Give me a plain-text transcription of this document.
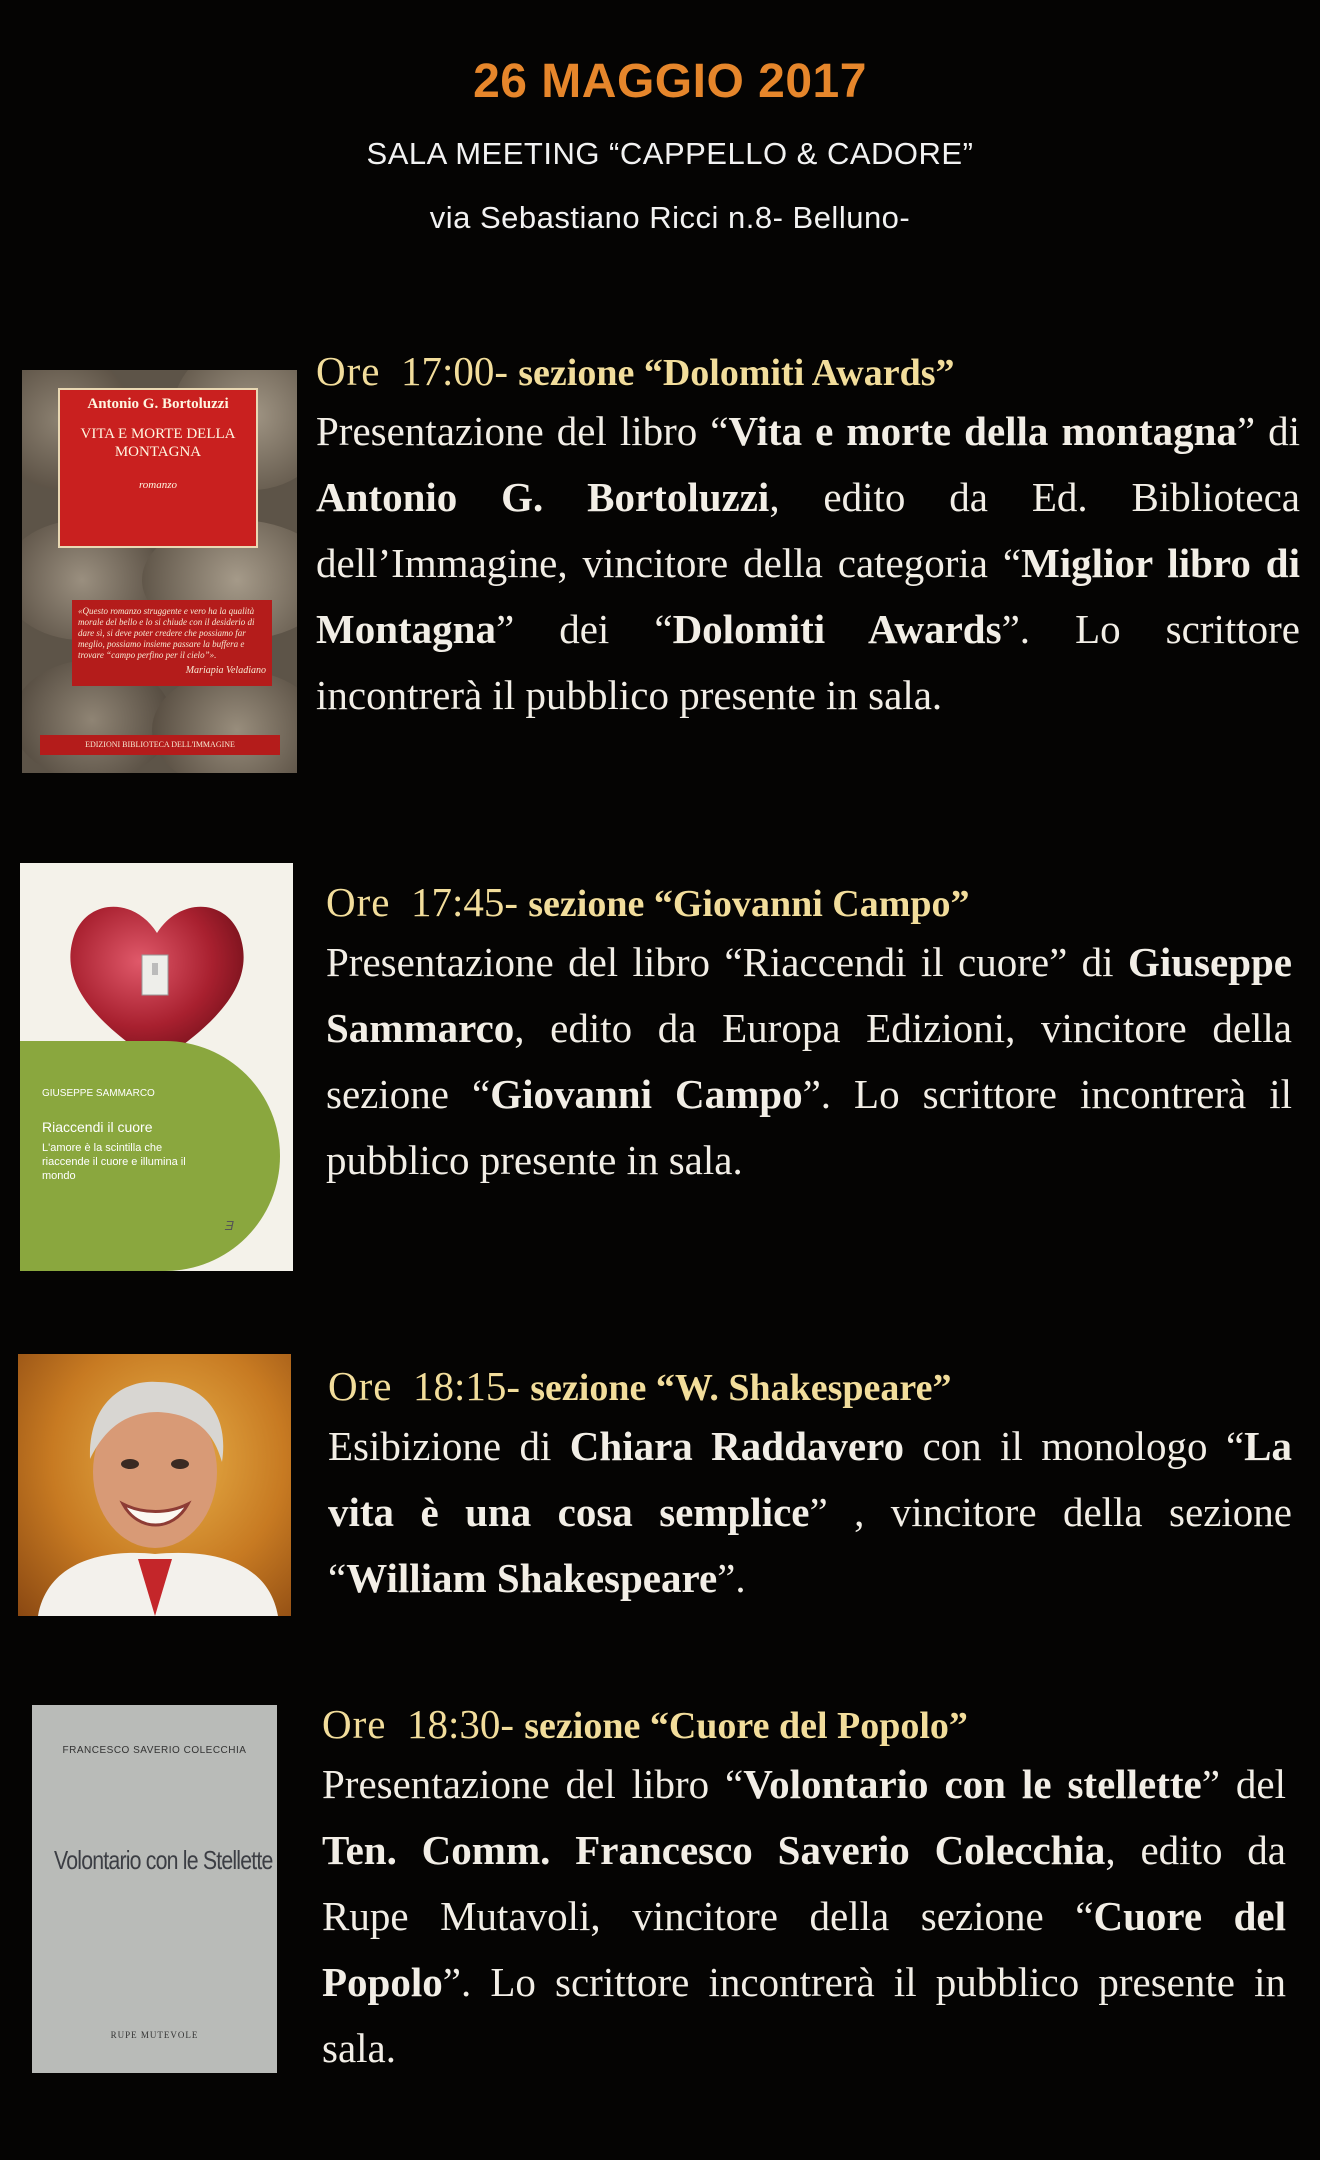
26 MAGGIO 2017
SALA MEETING “CAPPELLO & CADORE”
via Sebastiano Ricci n.8- Belluno-
Antonio G. Bortoluzzi
VITA E MORTE DELLA MONTAGNA
romanzo
«Questo romanzo struggente e vero ha la qualità morale del bello e lo si chiude con il desiderio di dare sì, si deve poter credere che possiamo far meglio, possiamo insieme passare la buffera e trovare “campo perfino per il cielo”».
Mariapia Veladiano
EDIZIONI BIBLIOTECA DELL'IMMAGINE
Ore 17:00- sezione “Dolomiti Awards”
Presentazione del libro “Vita e morte della montagna” di Antonio G. Bortoluzzi, edito da Ed. Biblioteca dell’Immagine, vincitore della categoria “Miglior libro di Montagna” dei “Dolomiti Awards”. Lo scrittore incontrerà il pubblico presente in sala.
GIUSEPPE SAMMARCO
Riaccendi il cuore
L'amore è la scintilla che riaccende il cuore e illumina il mondo
Ǝ
Ore 17:45- sezione “Giovanni Campo”
Presentazione del libro “Riaccendi il cuore” di Giuseppe Sammarco, edito da Europa Edizioni, vincitore della sezione “Giovanni Campo”. Lo scrittore incontrerà il pubblico presente in sala.
Ore 18:15- sezione “W. Shakespeare”
Esibizione di Chiara Raddavero con il monologo “La vita è una cosa semplice” , vincitore della sezione “William Shakespeare”.
FRANCESCO SAVERIO COLECCHIA
Volontario con le Stellette
RUPE MUTEVOLE
Ore 18:30- sezione “Cuore del Popolo”
Presentazione del libro “Volontario con le stellette” del Ten. Comm. Francesco Saverio Colecchia, edito da Rupe Mutavoli, vincitore della sezione “Cuore del Popolo”. Lo scrittore incontrerà il pubblico presente in sala.
